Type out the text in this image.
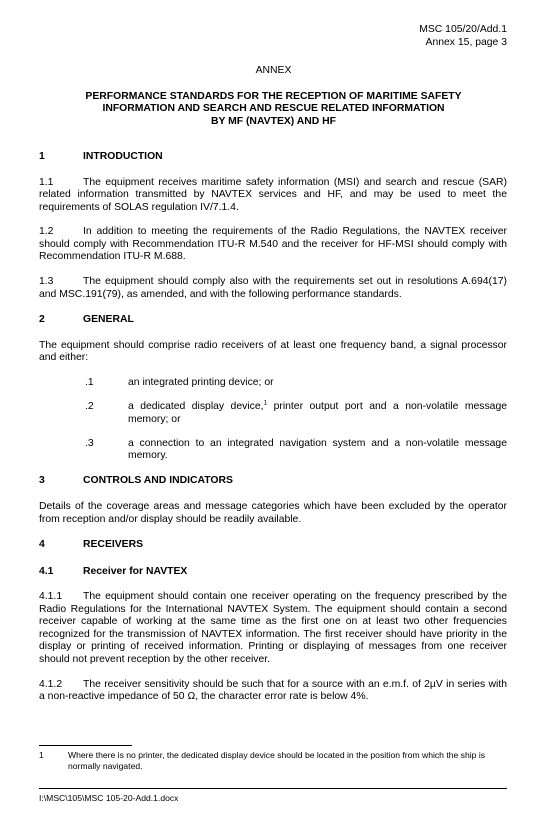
MSC 105/20/Add.1
Annex 15, page 3
ANNEX
PERFORMANCE STANDARDS FOR THE RECEPTION OF MARITIME SAFETY
INFORMATION AND SEARCH AND RESCUE RELATED INFORMATION
BY MF (NAVTEX) AND HF
1	INTRODUCTION

1.1	The equipment receives maritime safety information (MSI) and search and rescue (SAR) related information transmitted by NAVTEX services and HF, and may be used to meet the requirements of SOLAS regulation IV/7.1.4.

1.2	In addition to meeting the requirements of the Radio Regulations, the NAVTEX receiver should comply with Recommendation ITU-R M.540 and the receiver for HF-MSI should comply with Recommendation ITU-R M.688.

1.3	The equipment should comply also with the requirements set out in resolutions A.694(17) and MSC.191(79), as amended, and with the following performance standards.

2	GENERAL

The equipment should comprise radio receivers of at least one frequency band, a signal processor and either:

.1	an integrated printing device; or
.2	a dedicated display device,$^1$ printer output port and a non-volatile message memory; or
.3	a connection to an integrated navigation system and a non-volatile message memory.
3	CONTROLS AND INDICATORS

Details of the coverage areas and message categories which have been excluded by the operator from reception and/or display should be readily available.

4	RECEIVERS
4.1	Receiver for NAVTEX

4.1.1 The equipment should contain one receiver operating on the frequency prescribed by the Radio Regulations for the International NAVTEX System. The equipment should contain a second receiver capable of working at the same time as the first one on at least two other frequencies recognized for the transmission of NAVTEX information. The first receiver should have priority in the display or printing of received information. Printing or displaying of messages from one receiver should not prevent reception by the other receiver.

4.1.2 The receiver sensitivity should be such that for a source with an e.m.f. of 2µV in series with a non-reactive impedance of 50 Ω, the character error rate is below 4%.

1	Where there is no printer, the dedicated display device should be located in the position from which the ship is normally navigated.
I:\MSC\105\MSC 105-20-Add.1.docx
